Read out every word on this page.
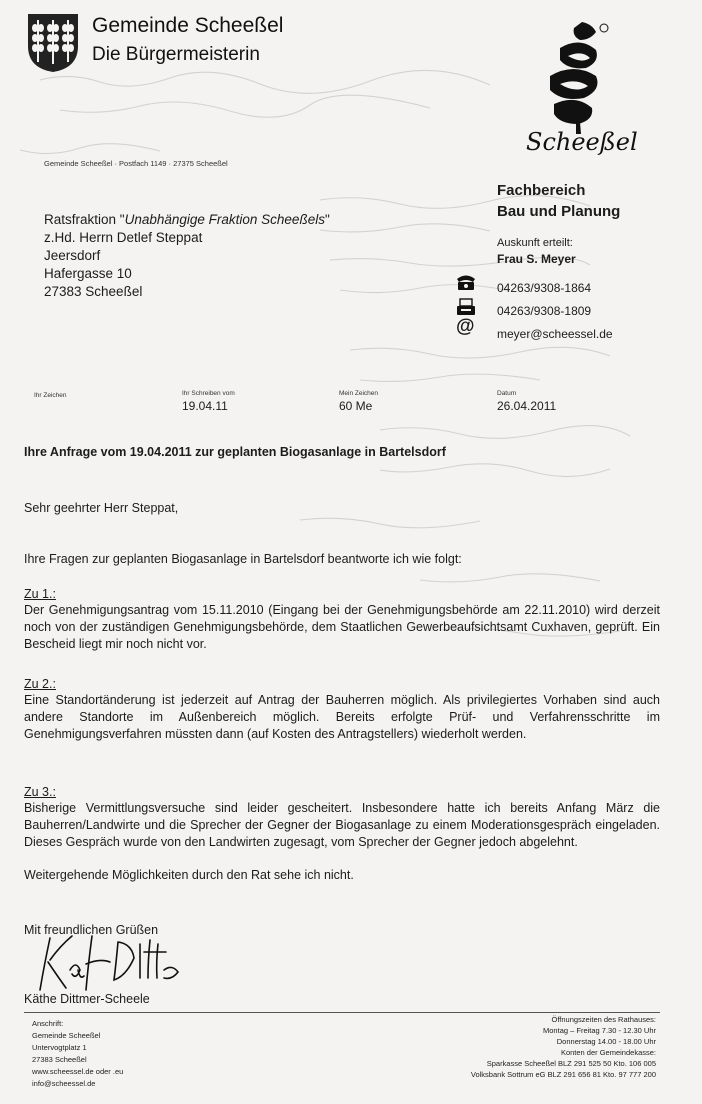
Gemeinde Scheeßel
Die Bürgermeisterin
Scheeßel
Gemeinde Scheeßel · Postfach 1149 · 27375 Scheeßel
Fachbereich
Bau und Planung
Auskunft erteilt:
Frau S. Meyer
@
04263/9308-1864
04263/9308-1809
meyer@scheessel.de
Ratsfraktion "Unabhängige Fraktion Scheeßels"
z.Hd. Herrn Detlef Steppat
Jeersdorf
Hafergasse 10
27383 Scheeßel
Ihr Zeichen	Ihr Schreiben vom
19.04.11
Mein Zeichen
60 Me
Datum
26.04.2011
Ihre Anfrage vom 19.04.2011 zur geplanten Biogasanlage in Bartelsdorf
Sehr geehrter Herr Steppat,
Ihre Fragen zur geplanten Biogasanlage in Bartelsdorf beantworte ich wie folgt:
Zu 1.:

Der Genehmigungsantrag vom 15.11.2010 (Eingang bei der Genehmigungsbehörde am 22.11.2010) wird derzeit noch von der zuständigen Genehmigungsbehörde, dem Staatlichen Gewerbeaufsichtsamt Cuxhaven, geprüft. Ein Bescheid liegt mir noch nicht vor.

Zu 2.:

Eine Standortänderung ist jederzeit auf Antrag der Bauherren möglich. Als privilegiertes Vorhaben sind auch andere Standorte im Außenbereich möglich. Bereits erfolgte Prüf- und Verfahrensschritte im Genehmigungsverfahren müssten dann (auf Kosten des Antragstellers) wiederholt werden.

Zu 3.:

Bisherige Vermittlungsversuche sind leider gescheitert. Insbesondere hatte ich bereits Anfang März die Bauherren/Landwirte und die Sprecher der Gegner der Biogasanlage zu einem Moderationsgespräch eingeladen. Dieses Gespräch wurde von den Landwirten zugesagt, vom Sprecher der Gegner jedoch abgelehnt.

Weitergehende Möglichkeiten durch den Rat sehe ich nicht.
Mit freundlichen Grüßen
Käthe Dittmer-Scheele
Anschrift:
Gemeinde Scheeßel
Untervogtplatz 1
27383 Scheeßel
www.scheessel.de oder .eu
info@scheessel.de
Öffnungszeiten des Rathauses:
Montag – Freitag 7.30 - 12.30 Uhr
Donnerstag 14.00 - 18.00 Uhr
Konten der Gemeindekasse:
Sparkasse Scheeßel BLZ 291 525 50 Kto. 106 005
Volksbank Sottrum eG BLZ 291 656 81 Kto. 97 777 200
